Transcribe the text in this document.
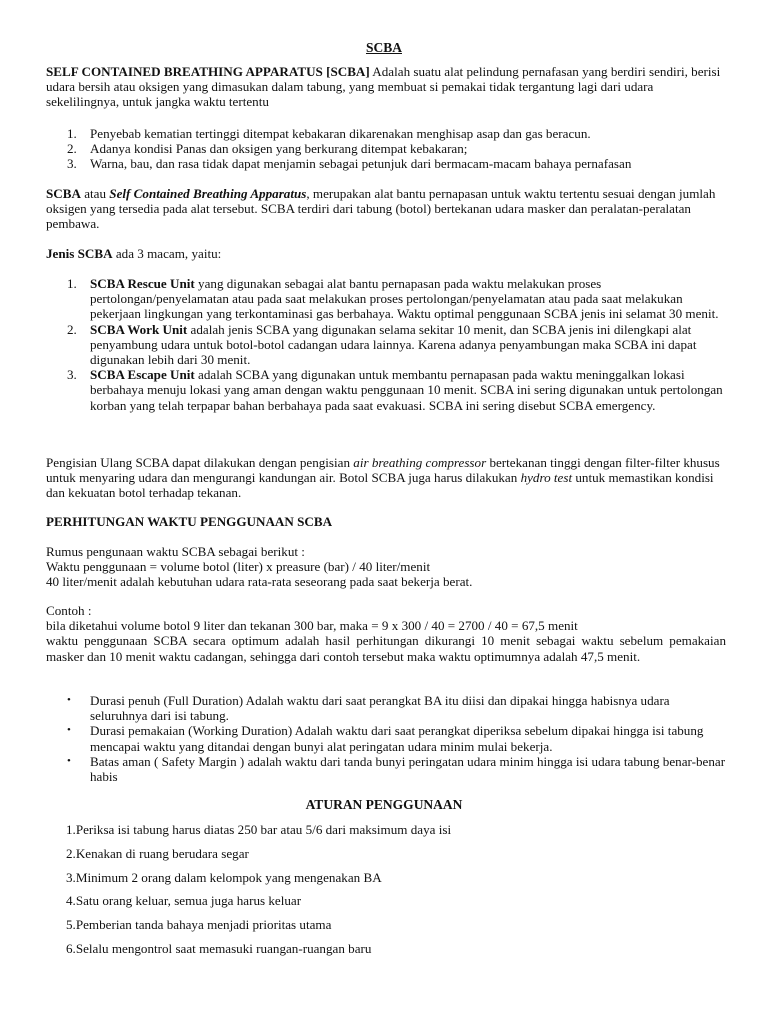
SCBA
SELF CONTAINED BREATHING APPARATUS [SCBA] Adalah suatu alat pelindung pernafasan yang berdiri sendiri, berisi udara bersih atau oksigen yang dimasukan dalam tabung, yang membuat si pemakai tidak tergantung lagi dari udara sekelilingnya, untuk jangka waktu tertentu
1. Penyebab kematian tertinggi ditempat kebakaran dikarenakan menghisap asap dan gas beracun.
2. Adanya kondisi Panas dan oksigen yang berkurang ditempat kebakaran;
3. Warna, bau, dan rasa tidak dapat menjamin sebagai petunjuk dari bermacam-macam bahaya pernafasan
SCBA atau Self Contained Breathing Apparatus, merupakan alat bantu pernapasan untuk waktu tertentu sesuai dengan jumlah oksigen yang tersedia pada alat tersebut. SCBA terdiri dari tabung (botol) bertekanan udara masker dan peralatan-peralatan pembawa.
Jenis SCBA ada 3 macam, yaitu:
1. SCBA Rescue Unit yang digunakan sebagai alat bantu pernapasan pada waktu melakukan proses pertolongan/penyelamatan atau pada saat melakukan proses pertolongan/penyelamatan atau pada saat melakukan pekerjaan lingkungan yang terkontaminasi gas berbahaya. Waktu optimal penggunaan SCBA jenis ini selamat 30 menit.
2. SCBA Work Unit adalah jenis SCBA yang digunakan selama sekitar 10 menit, dan SCBA jenis ini dilengkapi alat penyambung udara untuk botol-botol cadangan udara lainnya. Karena adanya penyambungan maka SCBA ini dapat digunakan lebih dari 30 menit.
3. SCBA Escape Unit adalah SCBA yang digunakan untuk membantu pernapasan pada waktu meninggalkan lokasi berbahaya menuju lokasi yang aman dengan waktu penggunaan 10 menit. SCBA ini sering digunakan untuk pertolongan korban yang telah terpapar bahan berbahaya pada saat evakuasi. SCBA ini sering disebut SCBA emergency.
Pengisian Ulang SCBA dapat dilakukan dengan pengisian air breathing compressor bertekanan tinggi dengan filter-filter khusus untuk menyaring udara dan mengurangi kandungan air. Botol SCBA juga harus dilakukan hydro test untuk memastikan kondisi dan kekuatan botol terhadap tekanan.
PERHITUNGAN WAKTU PENGGUNAAN SCBA
Rumus pengunaan waktu SCBA sebagai berikut :
Waktu penggunaan = volume botol (liter) x preasure (bar) / 40 liter/menit
40 liter/menit adalah kebutuhan udara rata-rata seseorang pada saat bekerja berat.
Contoh :
bila diketahui volume botol 9 liter dan tekanan 300 bar, maka = 9 x 300 / 40 = 2700 / 40 = 67,5 menit
waktu penggunaan SCBA secara optimum adalah hasil perhitungan dikurangi 10 menit sebagai waktu sebelum pemakaian masker dan 10 menit waktu cadangan, sehingga dari contoh tersebut maka waktu optimumnya adalah 47,5 menit.
• Durasi penuh (Full Duration) Adalah waktu dari saat perangkat BA itu diisi dan dipakai hingga habisnya udara seluruhnya dari isi tabung.
• Durasi pemakaian (Working Duration) Adalah waktu dari saat perangkat diperiksa sebelum dipakai hingga isi tabung mencapai waktu yang ditandai dengan bunyi alat peringatan udara minim mulai bekerja.
• Batas aman ( Safety Margin ) adalah waktu dari tanda bunyi peringatan udara minim hingga isi udara tabung benar-benar habis
ATURAN PENGGUNAAN
1.Periksa isi tabung harus diatas 250 bar atau 5/6 dari maksimum daya isi
2.Kenakan di ruang berudara segar
3.Minimum 2 orang dalam kelompok yang mengenakan BA
4.Satu orang keluar, semua juga harus keluar
5.Pemberian tanda bahaya menjadi prioritas utama
6.Selalu mengontrol saat memasuki ruangan-ruangan baru
